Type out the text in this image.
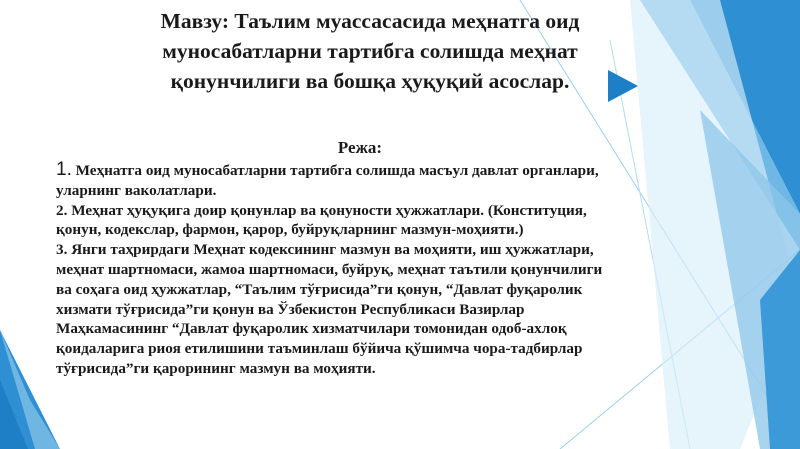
Мавзу: Таълим муассасасида меҳнатга оид
муносабатларни тартибга солишда меҳнат
қонунчилиги ва бошқа ҳуқуқий асослар.
Режа:
1. Меҳнатга оид муносабатларни тартибга солишда масъул давлат органлари,
уларнинг ваколатлари.
2. Меҳнат ҳуқуқига доир қонунлар ва қонуности ҳужжатлари. (Конституция,
қонун, кодекслар, фармон, қарор, буйруқларнинг мазмун-моҳияти.)
3. Янги таҳрирдаги Меҳнат кодексининг мазмун ва моҳияти, иш ҳужжатлари,
меҳнат шартномаси, жамоа шартномаси, буйруқ, меҳнат таътили қонунчилиги
ва соҳага оид ҳужжатлар, “Таълим тўғрисида”ги қонун, “Давлат фуқаролик
хизмати тўғрисида”ги қонун ва Ўзбекистон Республикаси Вазирлар
Маҳкамасининг “Давлат фуқаролик хизматчилари томонидан одоб-ахлоқ
қоидаларига риоя етилишини таъминлаш бўйича қўшимча чора-тадбирлар
тўғрисида”ги қарорининг мазмун ва моҳияти.
